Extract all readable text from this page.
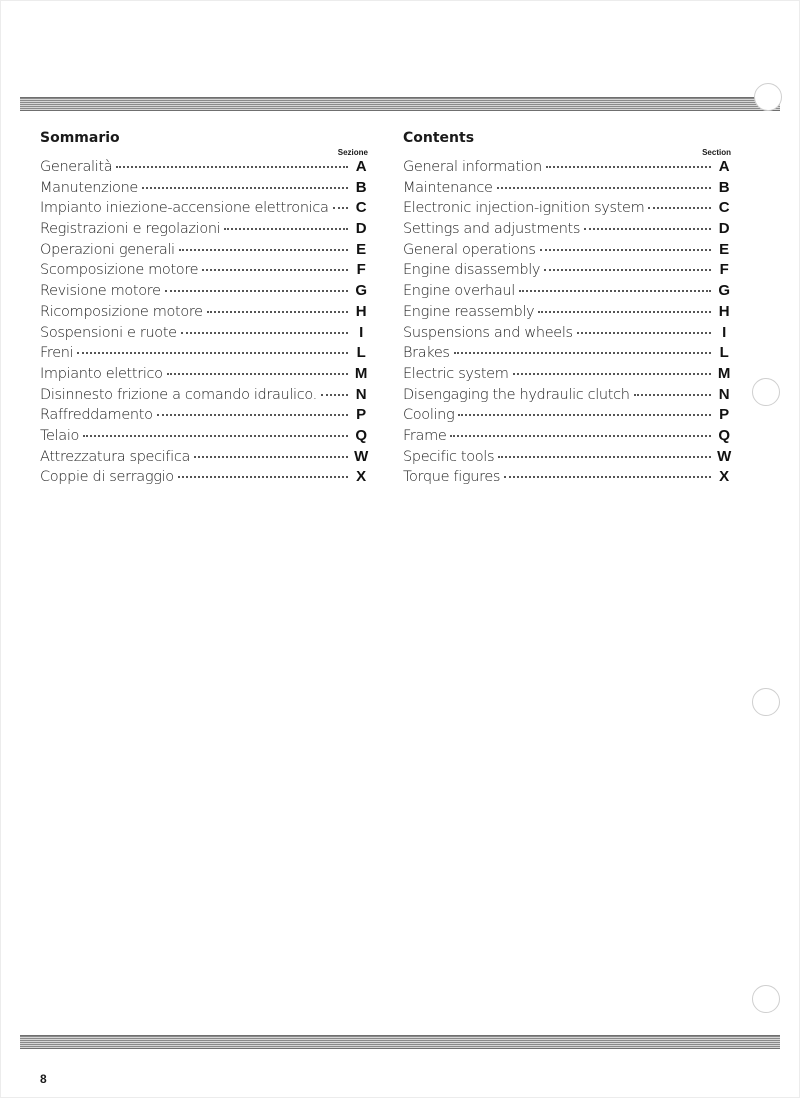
Sommario
Sezione
Generalità	A
Manutenzione	B
Impianto iniezione-accensione elettronica C
Registrazioni e regolazioni	D
Operazioni generali	E
Scomposizione motore	F
Revisione motore	G
Ricomposizione motore	H
Sospensioni e ruote	I
Freni	L
Impianto elettrico	M
Disinnesto frizione a comando idraulico.	N
Raffreddamento	P
Telaio	Q
Attrezzatura specifica	W
Coppie di serraggio	X
Contents
Section
General information	A
Maintenance	B
Electronic injection-ignition system	C
Settings and adjustments	D
General operations	E
Engine disassembly	F
Engine overhaul	G
Engine reassembly	H
Suspensions and wheels	I
Brakes	L
Electric system	M
Disengaging the hydraulic clutch	N
Cooling	P
Frame	Q
Specific tools	W
Torque figures	X
8
